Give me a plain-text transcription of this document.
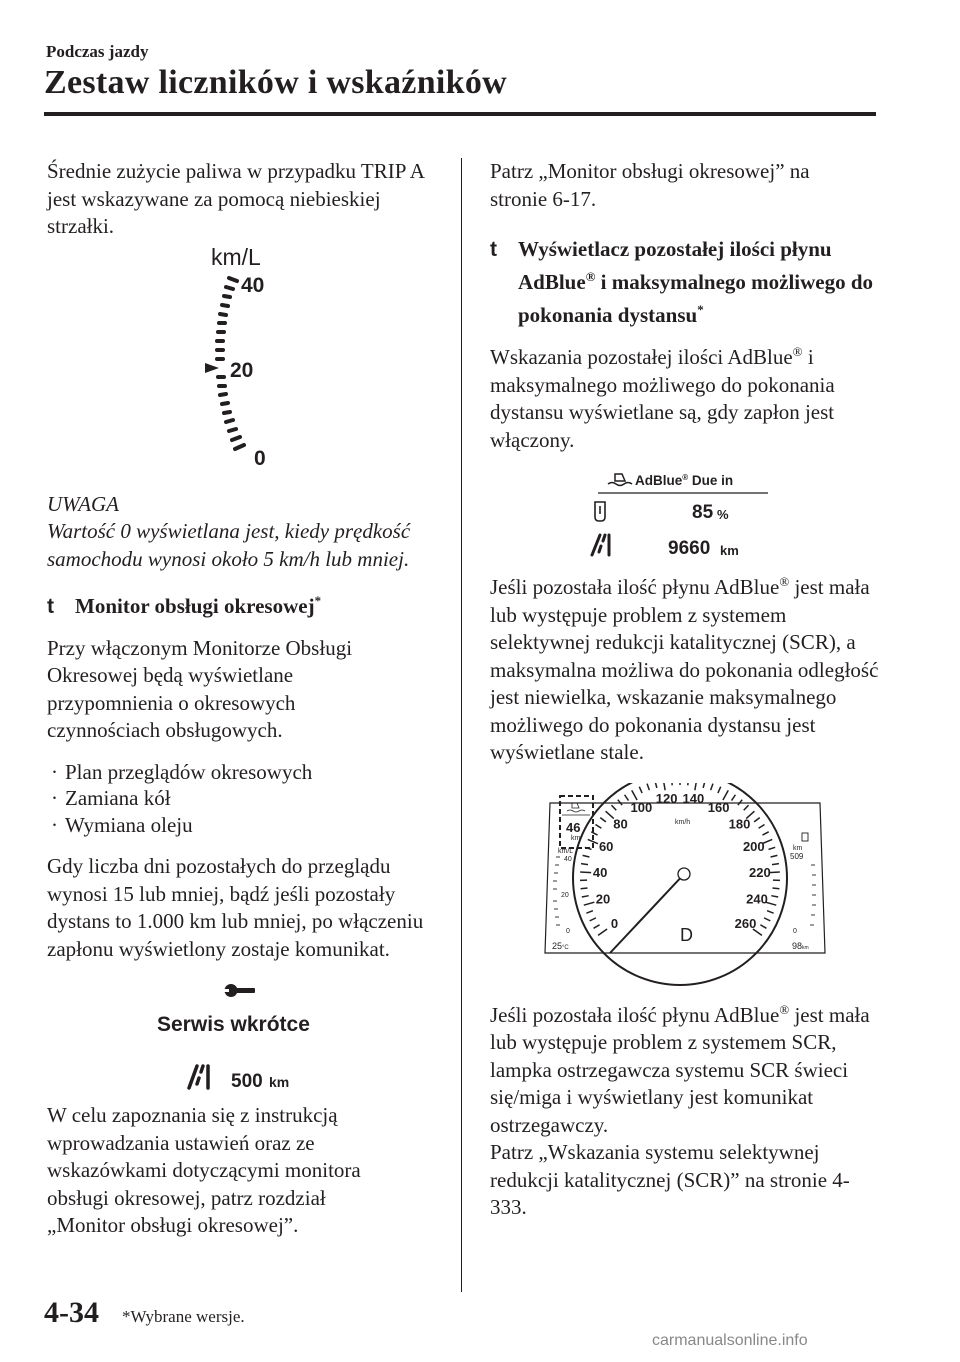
Podczas jazdy
Zestaw liczników i wskaźników

Średnie zużycie paliwa w przypadku TRIP A jest wskazywane za pomocą niebieskiej strzałki.

km/L
40
20
0

UWAGA

Wartość 0 wyświetlana jest, kiedy prędkość samochodu wynosi około 5 km/h lub mniej.

t Monitor obsługi okresowej*

Przy włączonym Monitorze Obsługi Okresowej będą wyświetlane przypomnienia o okresowych czynnościach obsługowych.

· Plan przeglądów okresowych

· Zamiana kół

· Wymiana oleju

Gdy liczba dni pozostałych do przeglądu wynosi 15 lub mniej, bądź jeśli pozostały dystans to 1.000 km lub mniej, po włączeniu zapłonu wyświetlony zostaje komunikat.

Serwis wkrótce
500 km

W celu zapoznania się z instrukcją wprowadzania ustawień oraz ze wskazówkami dotyczącymi monitora obsługi okresowej, patrz rozdział „Monitor obsługi okresowej”.

Patrz „Monitor obsługi okresowej” na stronie 6-17.

t Wyświetlacz pozostałej ilości płynu AdBlue® i maksymalnego możliwego do pokonania dystansu*

Wskazania pozostałej ilości AdBlue® i maksymalnego możliwego do pokonania dystansu wyświetlane są, gdy zapłon jest włączony.

AdBlue® Due in
85 %
9660 km

Jeśli pozostała ilość płynu AdBlue® jest mała lub występuje problem z systemem selektywnej redukcji katalitycznej (SCR), a maksymalna możliwa do pokonania odległość jest niewielka, wskazanie maksymalnego możliwego do pokonania dystansu jest wyświetlane stale.

0
20
40
60
80
100
120 140
160
180
200
220
240
260
km/h
D
46
km
km/L
40
20
0
25°C
km
509
0
98km

Jeśli pozostała ilość płynu AdBlue® jest mała lub występuje problem z systemem SCR, lampka ostrzegawcza systemu SCR świeci się/miga i wyświetlany jest komunikat ostrzegawczy.

Patrz „Wskazania systemu selektywnej redukcji katalitycznej (SCR)” na stronie 4-333.

4-34 *Wybrane wersje.
carmanualsonline.info
